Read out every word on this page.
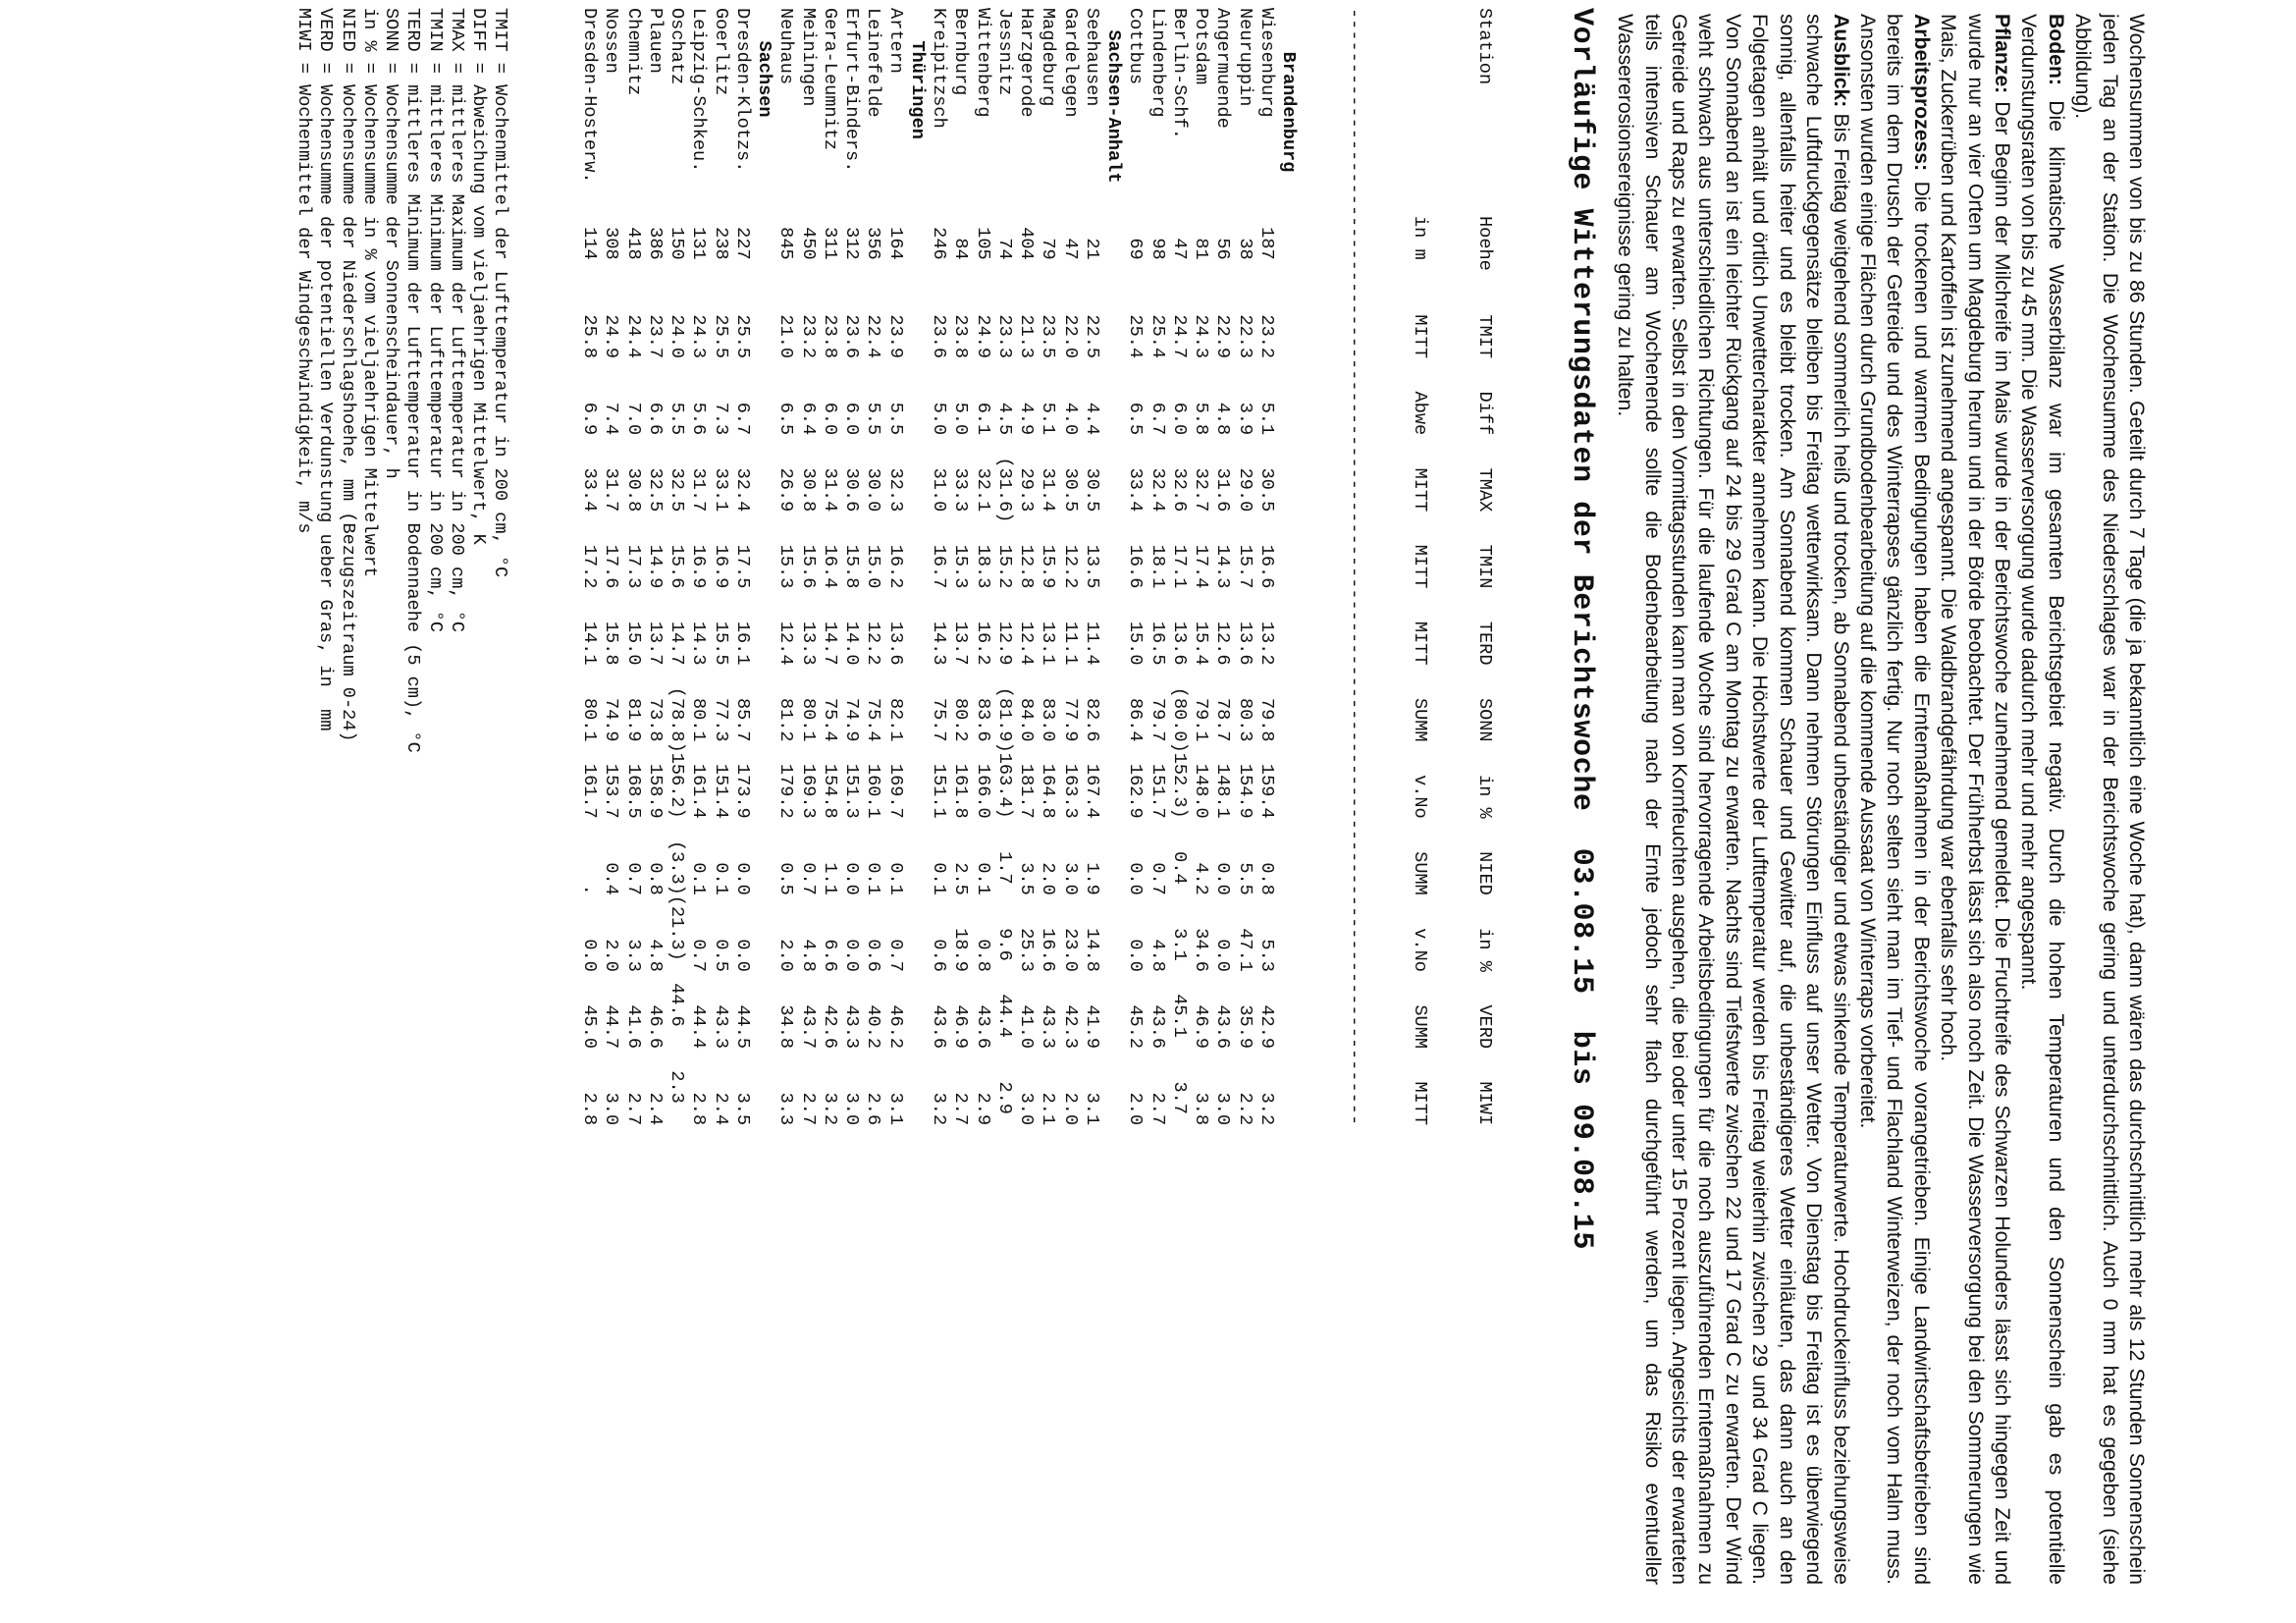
Wochensummen von bis zu 86 Stunden. Geteilt durch 7 Tage (die ja bekanntlich eine Woche hat), dann wären das durchschnittlich mehr als 12 Stunden Sonnenschein jeden Tag an der Station. Die Wochensumme des Niederschlages war in der Berichtswoche gering und unterdurchschnittlich. Auch 0 mm hat es gegeben (siehe Abbildung).

Boden: Die klimatische Wasserbilanz war im gesamten Berichtsgebiet negativ. Durch die hohen Temperaturen und den Sonnenschein gab es potentielle Verdunstungsraten von bis zu 45 mm. Die Wasserversorgung wurde dadurch mehr und mehr angespannt.

Pflanze: Der Beginn der Milchreife im Mais wurde in der Berichtswoche zunehmend gemeldet. Die Fruchtreife des Schwarzen Holunders lässt sich hingegen Zeit und wurde nur an vier Orten um Magdeburg herum und in der Börde beobachtet. Der Frühherbst lässt sich also noch Zeit. Die Wasserversorgung bei den Sommerungen wie Mais, Zuckerrüben und Kartoffeln ist zunehmend angespannt. Die Waldbrandgefährdung war ebenfalls sehr hoch.

Arbeitsprozess: Die trockenen und warmen Bedingungen haben die Erntemaßnahmen in der Berichtswoche vorangetrieben. Einige Landwirtschaftsbetrieben sind bereits im dem Drusch der Getreide und des Winterrapses gänzlich fertig. Nur noch selten sieht man im Tief- und Flachland Winterweizen, der noch vom Halm muss. Ansonsten wurden einige Flächen durch Grundbodenbearbeitung auf die kommende Aussaat von Winterraps vorbereitet.

Ausblick: Bis Freitag weitgehend sommerlich heiß und trocken, ab Sonnabend unbeständiger und etwas sinkende Temperaturwerte. Hochdruckeinfluss beziehungsweise schwache Luftdruckgegensätze bleiben bis Freitag wetterwirksam. Dann nehmen Störungen Einfluss auf unser Wetter. Von Dienstag bis Freitag ist es überwiegend sonnig, allenfalls heiter und es bleibt trocken. Am Sonnabend kommen Schauer und Gewitter auf, die unbeständigeres Wetter einläuten, das dann auch an den Folgetagen anhält und örtlich Unwettercharakter annehmen kann. Die Höchstwerte der Lufttemperatur werden bis Freitag weiterhin zwischen 29 und 34 Grad C liegen. Von Sonnabend an ist ein leichter Rückgang auf 24 bis 29 Grad C am Montag zu erwarten. Nachts sind Tiefstwerte zwischen 22 und 17 Grad C zu erwarten. Der Wind weht schwach aus unterschiedlichen Richtungen. Für die laufende Woche sind hervorragende Arbeitsbedingungen für die noch auszuführenden Erntemaßnahmen zu Getreide und Raps zu erwarten. Selbst in den Vormittagsstunden kann man von Kornfeuchten ausgehen, die bei oder unter 15 Prozent liegen. Angesichts der erwarteten teils intensiven Schauer am Wochenende sollte die Bodenbearbeitung nach der Ernte jedoch sehr flach durchgeführt werden, um das Risiko eventueller Wassererosionsereignisse gering zu halten.

Vorläufige Witterungsdaten der Berichtswoche  03.08.15  bis 09.08.15

Station            Hoehe    TMIT   Diff   TMAX   TMIN   TERD   SONN   in %   NIED   in %   VERD   MIWI

in m     MITT   Abwe   MITT   MITT   MITT   SUMM   v.No   SUMM   v.No   SUMM   MITT

------------------------------------------------------------------------------------------------------

Brandenburg
Wiesenburg          187     23.2    5.1   30.5   16.6   13.2   79.8  159.4    0.8    5.3   42.9    3.2
Neuruppin            38     22.3    3.9   29.0   15.7   13.6   80.3  154.9    5.5   47.1   35.9    2.2
Angermuende          56     22.9    4.8   31.6   14.3   12.6   78.7  148.1    0.0    0.0   43.6    3.0
Potsdam              81     24.3    5.8   32.7   17.4   15.4   79.1  148.0    4.2   34.6   46.9    3.8
Berlin-Schf.         47     24.7    6.0   32.6   17.1   13.6  (80.0)152.3)   0.4    3.1   45.1    3.7
Lindenberg           98     25.4    6.7   32.4   18.1   16.5   79.7  151.7    0.7    4.8   43.6    2.7
Cottbus              69     25.4    6.5   33.4   16.6   15.0   86.4  162.9    0.0    0.0   45.2    2.0
Sachsen-Anhalt
Seehausen            21     22.5    4.4   30.5   13.5   11.4   82.6  167.4    1.9   14.8   41.9    3.1
Gardelegen           47     22.0    4.0   30.5   12.2   11.1   77.9  163.3    3.0   23.0   42.3    2.0
Magdeburg            79     23.5    5.1   31.4   15.9   13.1   83.0  164.8    2.0   16.6   43.3    2.1
Harzgerode          404     21.3    4.9   29.3   12.8   12.4   84.0  181.7    3.5   25.3   41.0    3.0
Jessnitz             74     23.3    4.5  (31.6)  15.2   12.9  (81.9)163.4)   1.7    9.6   44.4    2.9
Wittenberg          105     24.9    6.1   32.1   18.3   16.2   83.6  166.0    0.1    0.8   43.6    2.9
Bernburg             84     23.8    5.0   33.3   15.3   13.7   80.2  161.8    2.5   18.9   46.9    2.7
Kreipitzsch         246     23.6    5.0   31.0   16.7   14.3   75.7  151.1    0.1    0.6   43.6    3.2
Thüringen
Artern              164     23.9    5.5   32.3   16.2   13.6   82.1  169.7    0.1    0.7   46.2    3.1
Leinefelde          356     22.4    5.5   30.0   15.0   12.2   75.4  160.1    0.1    0.6   40.2    2.6
Erfurt-Binders.     312     23.6    6.0   30.6   15.8   14.0   74.9  151.3    0.0    0.0   43.3    3.0
Gera-Leumnitz       311     23.8    6.0   31.4   16.4   14.7   75.4  154.8    1.1    6.6   42.6    3.2
Meiningen           450     23.2    6.4   30.8   15.6   13.3   80.1  169.3    0.7    4.8   43.7    2.7
Neuhaus             845     21.0    6.5   26.9   15.3   12.4   81.2  179.2    0.5    2.0   34.8    3.3
Sachsen
Dresden-Klotzs.     227     25.5    6.7   32.4   17.5   16.1   85.7  173.9    0.0    0.0   44.5    3.5
Goerlitz            238     25.5    7.3   33.1   16.9   15.5   77.3  151.4    0.1    0.5   43.3    2.4
Leipzig-Schkeu.     131     24.3    5.6   31.7   16.9   14.3   80.1  161.4    0.1    0.7   44.4    2.8
Oschatz             150     24.0    5.5   32.5   15.6   14.7  (78.8)156.2)  (3.3)(21.3)  44.6    2.3
Plauen              386     23.7    6.6   32.5   14.9   13.7   73.8  158.9    0.8    4.8   46.6    2.4
Chemnitz            418     24.4    7.0   30.8   17.3   15.0   81.9  168.5    0.7    3.3   41.6    2.7
Nossen              308     24.9    7.4   31.7   17.6   15.8   74.9  153.7    0.4    2.0   44.7    3.0
Dresden-Hosterw.    114     25.8    6.9   33.4   17.2   14.1   80.1  161.7      .    0.0   45.0    2.8

TMIT = Wochenmittel der Lufttemperatur in 200 cm, °C
DIFF = Abweichung vom vieljaehrigen Mittelwert, K
TMAX = mittleres Maximum der Lufttemperatur in 200 cm, °C
TMIN = mittleres Minimum der Lufttemperatur in 200 cm, °C
TERD = mittleres Minimum der Lufttemperatur in Bodennaehe (5 cm), °C
SONN = Wochensumme der Sonnenscheindauer, h
in % = Wochensumme in % vom vieljaehrigen Mittelwert
NIED = Wochensumme der Niederschlagshoehe, mm (Bezugszeitraum 0-24)
VERD = Wochensumme der potentiellen Verdunstung ueber Gras, in  mm
MIWI = Wochenmittel der Windgeschwindigkeit, m/s
